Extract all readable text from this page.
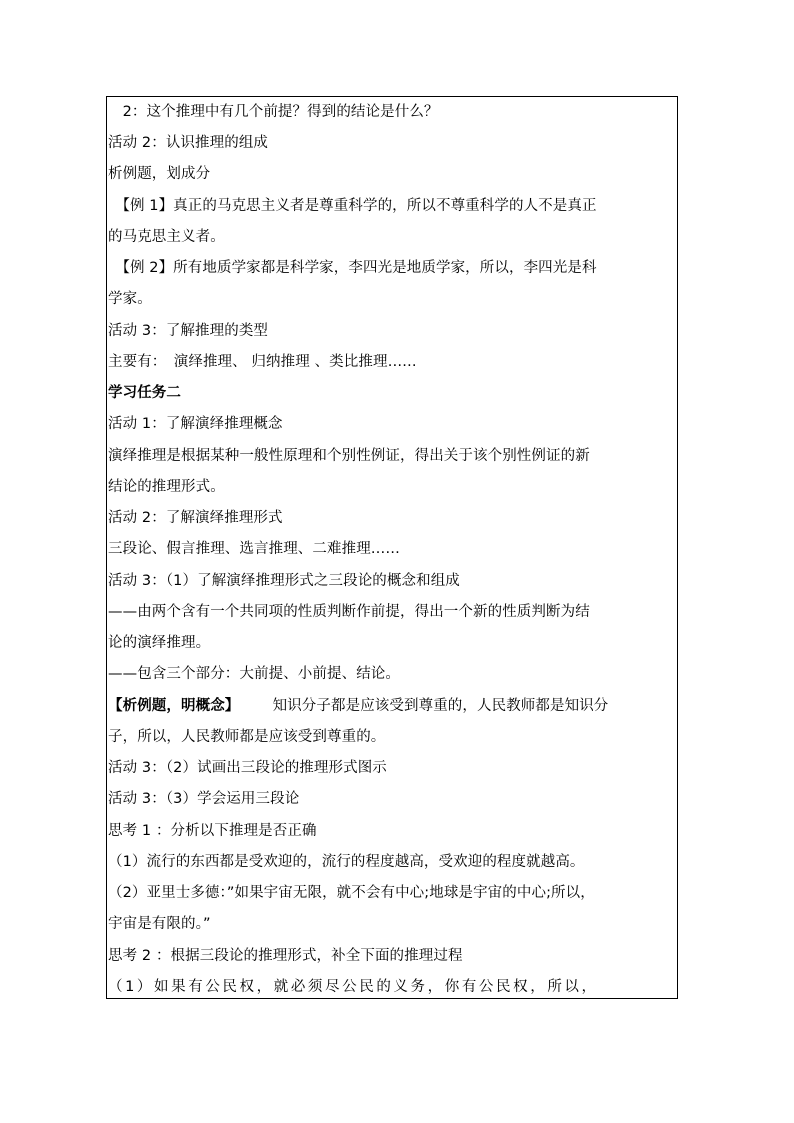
　2：这个推理中有几个前提？得到的结论是什么？
活动 2：认识推理的组成
析例题，划成分
　【例 1】真正的马克思主义者是尊重科学的，所以不尊重科学的人不是真正
的马克思主义者。
　【例 2】所有地质学家都是科学家，李四光是地质学家，所以，李四光是科
学家。
活动 3：了解推理的类型
主要有：　演绎推理、 归纳推理 、类比推理……
学习任务二
活动 1：了解演绎推理概念
演绎推理是根据某种一般性原理和个别性例证，得出关于该个别性例证的新
结论的推理形式。
活动 2：了解演绎推理形式
三段论、假言推理、选言推理、二难推理……
活动 3：（1）了解演绎推理形式之三段论的概念和组成
——由两个含有一个共同项的性质判断作前提，得出一个新的性质判断为结
论的演绎推理。
——包含三个部分：大前提、小前提、结论。
【析例题，明概念】 　知识分子都是应该受到尊重的，人民教师都是知识分
子，所以，人民教师都是应该受到尊重的。
活动 3：（2）试画出三段论的推理形式图示
活动 3：（3）学会运用三段论
思考 1 ：分析以下推理是否正确
（1）流行的东西都是受欢迎的，流行的程度越高，受欢迎的程度就越高。
（2）亚里士多德：”如果宇宙无限，就不会有中心;地球是宇宙的中心;所以，
宇宙是有限的。”
思考 2 ：根据三段论的推理形式，补全下面的推理过程
（1）如果有公民权，就必须尽公民的义务，你有公民权，所以，
